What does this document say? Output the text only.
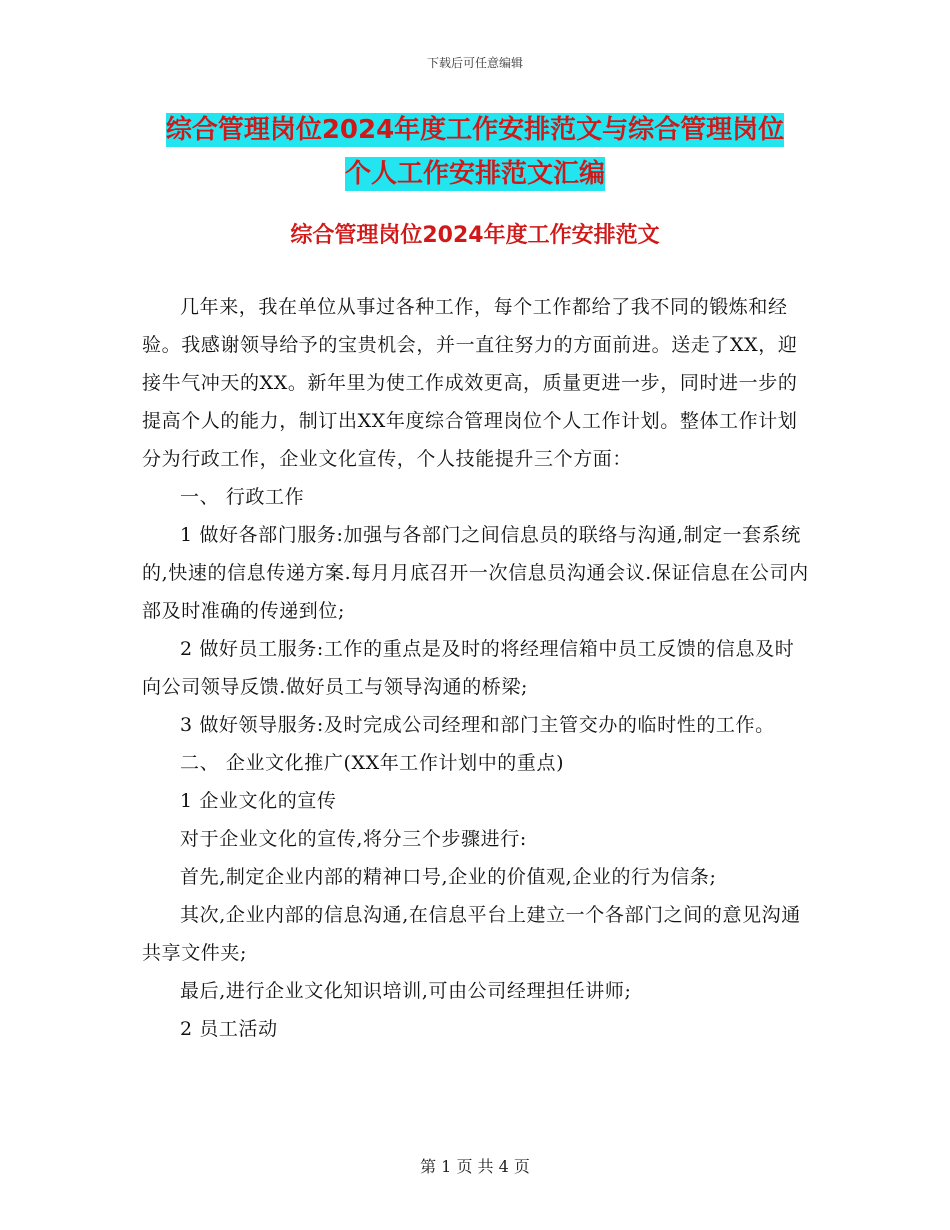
下载后可任意编辑
综合管理岗位2024年度工作安排范文与综合管理岗位
个人工作安排范文汇编
综合管理岗位2024年度工作安排范文

几年来，我在单位从事过各种工作，每个工作都给了我不同的锻炼和经验。我感谢领导给予的宝贵机会，并一直往努力的方面前进。送走了XX，迎接牛气冲天的XX。新年里为使工作成效更高，质量更进一步，同时进一步的提高个人的能力，制订出XX年度综合管理岗位个人工作计划。整体工作计划分为行政工作，企业文化宣传，个人技能提升三个方面：

一、 行政工作

1 做好各部门服务:加强与各部门之间信息员的联络与沟通,制定一套系统的,快速的信息传递方案.每月月底召开一次信息员沟通会议.保证信息在公司内部及时准确的传递到位;

2 做好员工服务:工作的重点是及时的将经理信箱中员工反馈的信息及时向公司领导反馈.做好员工与领导沟通的桥梁;

3 做好领导服务:及时完成公司经理和部门主管交办的临时性的工作。

二、 企业文化推广(XX年工作计划中的重点)

1 企业文化的宣传

对于企业文化的宣传,将分三个步骤进行:

首先,制定企业内部的精神口号,企业的价值观,企业的行为信条;

其次,企业内部的信息沟通,在信息平台上建立一个各部门之间的意见沟通共享文件夹;

最后,进行企业文化知识培训,可由公司经理担任讲师;

2 员工活动

第 1 页 共 4 页
